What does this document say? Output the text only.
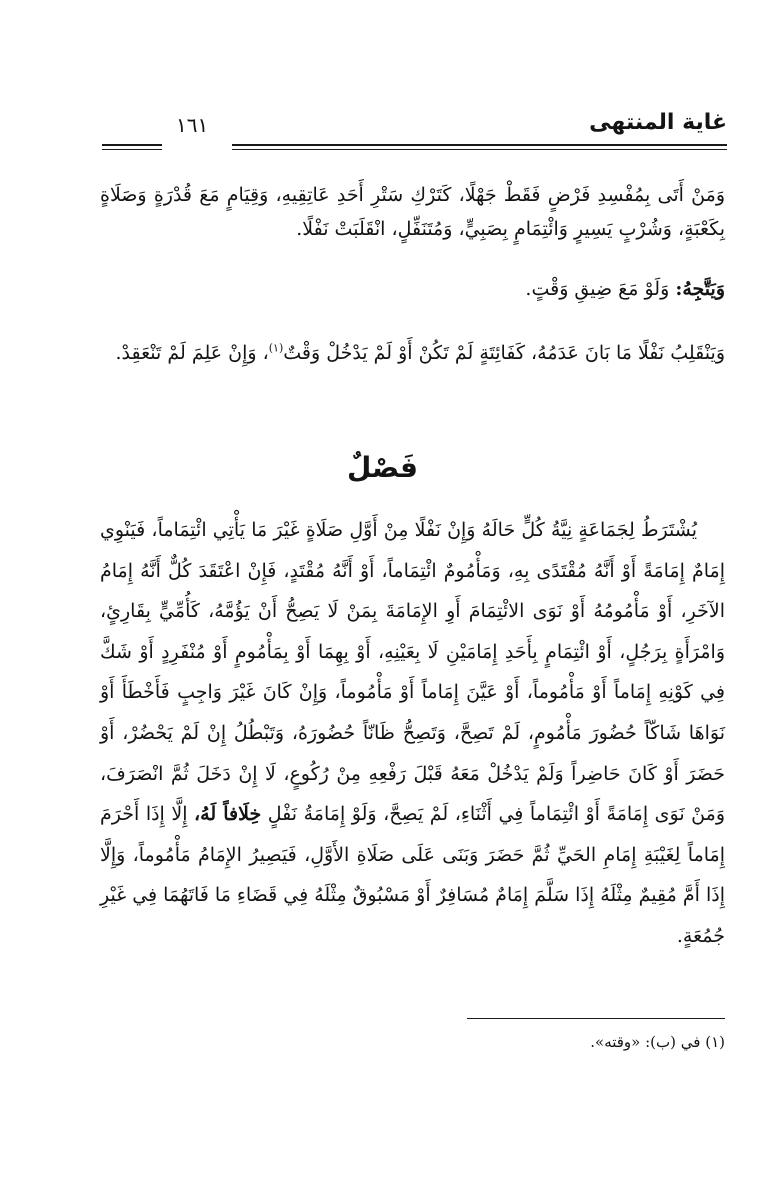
غاية المنتهى
١٦١

وَمَنْ أَتَى بِمُفْسِدِ فَرْضٍ فَقَطْ جَهْلًا، كَتَرْكِ سَتْرِ أَحَدِ عَاتِقِيهِ، وَقِيَامٍ مَعَ قُدْرَةٍ وَصَلَاةٍ بِكَعْبَةٍ، وَشُرْبٍ يَسِيرٍ وَائْتِمَامٍ بِصَبِيٍّ، وَمُتَنَفِّلٍ، انْقَلَبَتْ نَفْلًا.

وَيَتَّجِهُ: وَلَوْ مَعَ ضِيقِ وَقْتٍ.

وَيَنْقَلِبُ نَفْلًا مَا بَانَ عَدَمُهُ، كَفَائِتَةٍ لَمْ تَكُنْ أَوْ لَمْ يَدْخُلْ وَقْتٌ$^{(١)}$، وَإِنْ عَلِمَ لَمْ تَنْعَقِدْ.

فَصْلٌ

يُشْتَرَطُ لِجَمَاعَةٍ نِيَّةُ كُلٍّ حَالَهُ وَإِنْ نَفْلًا مِنْ أَوَّلِ صَلَاةٍ غَيْرَ مَا يَأْتِي ائْتِمَاماً، فَيَنْوِي إِمَامٌ إِمَامَةً أَوْ أَنَّهُ مُقْتَدًى بِهِ، وَمَأْمُومٌ ائْتِمَاماً، أَوْ أَنَّهُ مُقْتَدٍ، فَإِنْ اعْتَقَدَ كُلٌّ أَنَّهُ إِمَامُ الآخَرِ، أَوْ مَأْمُومُهُ أَوْ نَوَى الائْتِمَامَ أَوِ الإِمَامَةَ بِمَنْ لَا يَصِحُّ أَنْ يَؤُمَّهُ، كَأُمِّيٍّ بِقَارِئٍ، وَامْرَأَةٍ بِرَجُلٍ، أَوْ ائْتِمَامٍ بِأَحَدِ إِمَامَيْنِ لَا بِعَيْنِهِ، أَوْ بِهِمَا أَوْ بِمَأْمُومٍ أَوْ مُنْفَرِدٍ أَوْ شَكَّ فِي كَوْنِهِ إِمَاماً أَوْ مَأْمُوماً، أَوْ عَيَّنَ إِمَاماً أَوْ مَأْمُوماً، وَإِنْ كَانَ غَيْرَ وَاجِبٍ فَأَخْطَأَ أَوْ نَوَاهَا شَاكّاً حُضُورَ مَأْمُومٍ، لَمْ تَصِحَّ، وَتَصِحُّ ظَانّاً حُضُورَهُ، وَتَبْطُلُ إِنْ لَمْ يَحْضُرْ، أَوْ حَضَرَ أَوْ كَانَ حَاضِراً وَلَمْ يَدْخُلْ مَعَهُ قَبْلَ رَفْعِهِ مِنْ رُكُوعٍ، لَا إِنْ دَخَلَ ثُمَّ انْصَرَفَ، وَمَنْ نَوَى إِمَامَةً أَوْ ائْتِمَاماً فِي أَثْنَاءِ، لَمْ يَصِحَّ، وَلَوْ إِمَامَةُ نَفْلٍ خِلَافاً لَهُ، إِلَّا إِذَا أَحْرَمَ إِمَاماً لِغَيْبَةِ إِمَامِ الحَيِّ ثُمَّ حَضَرَ وَبَنَى عَلَى صَلَاةِ الأَوَّلِ، فَيَصِيرُ الإِمَامُ مَأْمُوماً، وَإِلَّا إِذَا أَمَّ مُقِيمٌ مِثْلَهُ إِذَا سَلَّمَ إِمَامٌ مُسَافِرٌ أَوْ مَسْبُوقٌ مِثْلَهُ فِي قَضَاءِ مَا فَاتَهُمَا فِي غَيْرِ جُمُعَةٍ.

(١) في (ب): «وقته».
